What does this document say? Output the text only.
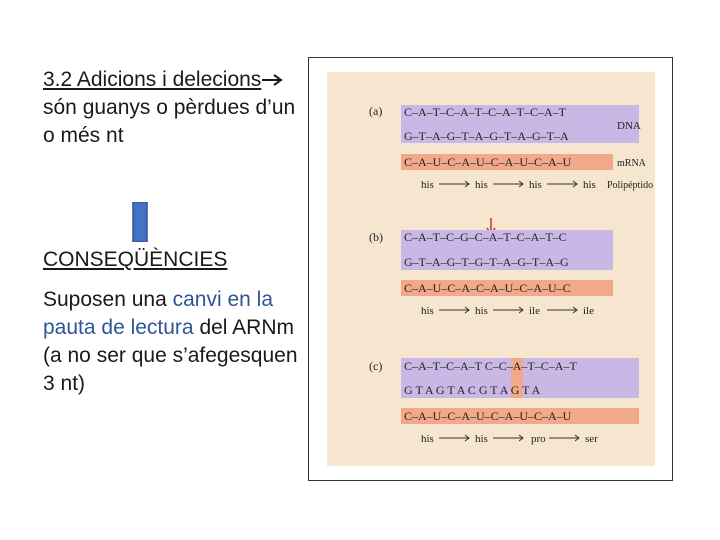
3.2 Adicions i delecions són guanys o pèrdues d’un o més nt
CONSEQÜÈNCIES
Suposen una canvi en la pauta de lectura del ARNm (a no ser que s’afegesquen 3 nt)
(a) C–A–T–C–A–T–C–A–T–C–A–T
G–T–A–G–T–A–G–T–A–G–T–A
DNA
C–A–U–C–A–U–C–A–U–C–A–U	mRNA
his	his	his	his Polipéptido
(b) C–A–T–C–G–C–A–T–C–A–T–C
G–T–A–G–T–G–T–A–G–T–A–G
C–A–U–C–A–C–A–U–C–A–U–C
his	his	ile	ile
(c) C–A–T–C–A–T C–C–A–T–C–A–T
G T A G T A C G T A G T A
C–A–U–C–A–U–C–A–U–C–A–U
his	his	pro	ser
